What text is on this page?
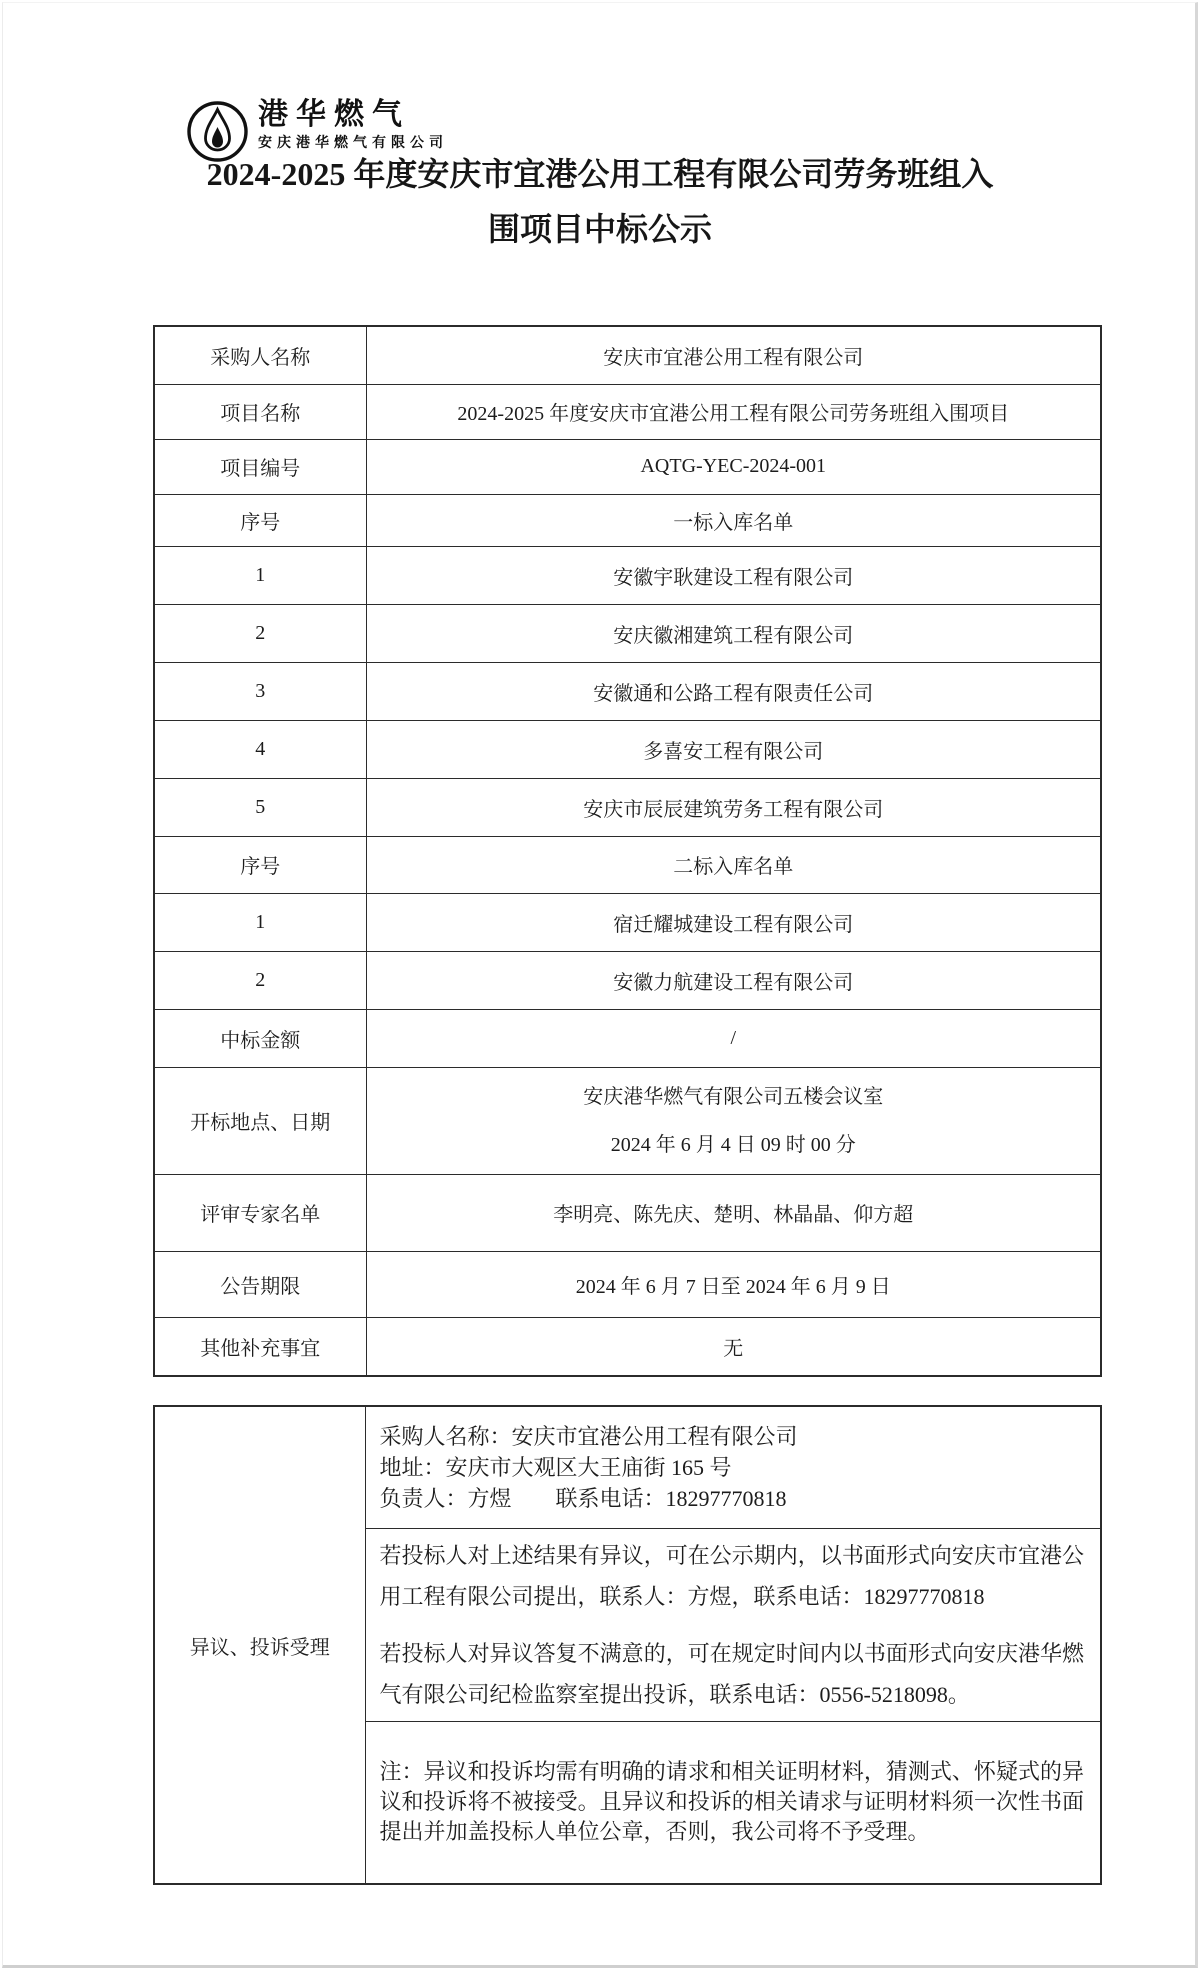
港华燃气
安庆港华燃气有限公司
2024-2025 年度安庆市宜港公用工程有限公司劳务班组入
围项目中标公示
采购人名称	安庆市宜港公用工程有限公司
项目名称	2024-2025 年度安庆市宜港公用工程有限公司劳务班组入围项目
项目编号	AQTG-YEC-2024-001
序号	一标入库名单
1	安徽宇耿建设工程有限公司
2	安庆徽湘建筑工程有限公司
3	安徽通和公路工程有限责任公司
4	多喜安工程有限公司
5	安庆市辰辰建筑劳务工程有限公司
序号	二标入库名单
1	宿迁耀城建设工程有限公司
2	安徽力航建设工程有限公司
中标金额	/
开标地点、日期	安庆港华燃气有限公司五楼会议室
2024 年 6 月 4 日 09 时 00 分

评审专家名单	李明亮、陈先庆、楚明、林晶晶、仰方超
公告期限	2024 年 6 月 7 日至 2024 年 6 月 9 日
其他补充事宜	无
异议、投诉受理	
采购人名称：安庆市宜港公用工程有限公司
地址：安庆市大观区大王庙街 165 号
负责人：方煜　　联系电话：18297770818

若投标人对上述结果有异议，可在公示期内，以书面形式向安庆市宜港公用工程有限公司提出，联系人：方煜，联系电话：18297770818

若投标人对异议答复不满意的，可在规定时间内以书面形式向安庆港华燃气有限公司纪检监察室提出投诉，联系电话：0556-5218098。

注：异议和投诉均需有明确的请求和相关证明材料，猜测式、怀疑式的异议和投诉将不被接受。且异议和投诉的相关请求与证明材料须一次性书面提出并加盖投标人单位公章，否则，我公司将不予受理。
